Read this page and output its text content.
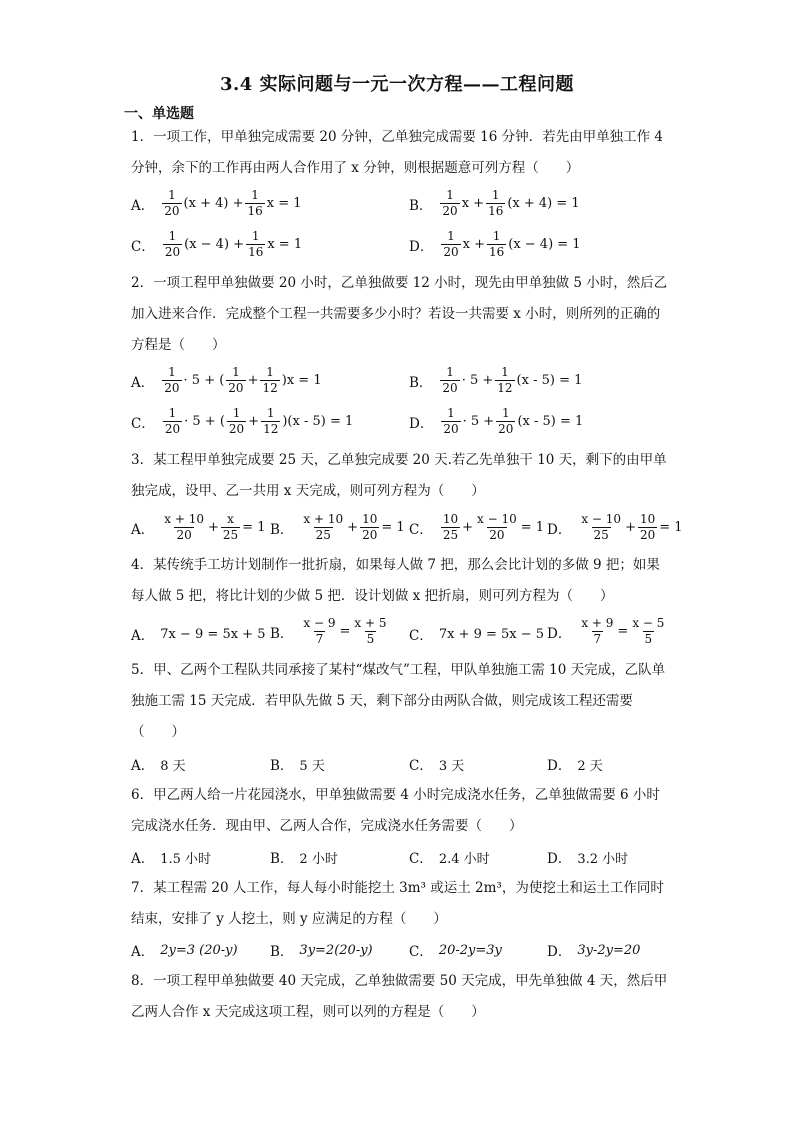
3.4 实际问题与一元一次方程——工程问题
一、单选题
1．一项工作，甲单独完成需要 20 分钟，乙单独完成需要 16 分钟．若先由甲单独工作 4 分钟，余下的工作再由两人合作用了 x 分钟，则根据题意可列方程（　　）
A． $\frac{1}{20} (x + 4) + \frac{1}{16}$ x = 1	B． $\frac{1}{20}$ $x + \frac{1}{16} (x + 4) = 1$
C． $\frac{1}{20} (x - 4) + \frac{1}{16}$ x = 1	D． $\frac{1}{20}$ $x + \frac{1}{16} (x - 4) = 1$
2．一项工程甲单独做要 20 小时，乙单独做要 12 小时，现先由甲单独做 5 小时，然后乙加入进来合作．完成整个工程一共需要多少小时？若设一共需要 x 小时，则所列的正确的方程是（　　）
A． $\frac{1}{20} \cdot 5$ + ( $\frac{1}{20} + \frac{1}{12} )x = 1$	B． $\frac{1}{20} \cdot 5 + \frac{1}{12} (x - 5) = 1$
C． $\frac{1}{20} \cdot 5$ + ( $\frac{1}{20} + \frac{1}{12} )(x - 5) = 1$	D． $\frac{1}{20} \cdot 5 + \frac{1}{20} (x - 5) = 1$
3．某工程甲单独完成要 25 天，乙单独完成要 20 天.若乙先单独干 10 天，剩下的由甲单独完成，设甲、乙一共用 x 天完成，则可列方程为（　　）
A． $\frac{x + 10}{20} + \frac{x}{25} = 1$ B． $\frac{x + 10}{25} + \frac{10}{20} = 1$ C． $\frac{10}{25} + \frac{x - 10}{20} = 1$ D． $\frac{x - 10}{25} + \frac{10}{20} = 1$
4．某传统手工坊计划制作一批折扇，如果每人做 7 把，那么会比计划的多做 9 把；如果每人做 5 把，将比计划的少做 5 把．设计划做 x 把折扇，则可列方程为（　　）
A． 7x − 9 = 5x + 5 B． $\frac{x - 9}{7} = \frac{x + 5}{5}$ C． 7x + 9 = 5x − 5 D． $\frac{x + 9}{7} = \frac{x - 5}{5}$
5．甲、乙两个工程队共同承接了某村“煤改气”工程，甲队单独施工需 10 天完成，乙队单独施工需 15 天完成．若甲队先做 5 天，剩下部分由两队合做，则完成该工程还需要（　　）
A． 8 天	B． 5 天	C． 3 天	D． 2 天
6．甲乙两人给一片花园浇水，甲单独做需要 4 小时完成浇水任务，乙单独做需要 6 小时完成浇水任务．现由甲、乙两人合作，完成浇水任务需要（　　）
A． 1.5 小时	B． 2 小时	C． 2.4 小时	D． 3.2 小时
7．某工程需 20 人工作，每人每小时能挖土 3m³ 或运土 2m³，为使挖土和运土工作同时结束，安排了 y 人挖土，则 y 应满足的方程（　　）
A． 2y=3 (20-y) B． 3y=2(20-y)	C． 20-2y=3y	D． 3y-2y=20
8．一项工程甲单独做要 40 天完成，乙单独做需要 50 天完成，甲先单独做 4 天，然后甲乙两人合作 x 天完成这项工程，则可以列的方程是（　　）
